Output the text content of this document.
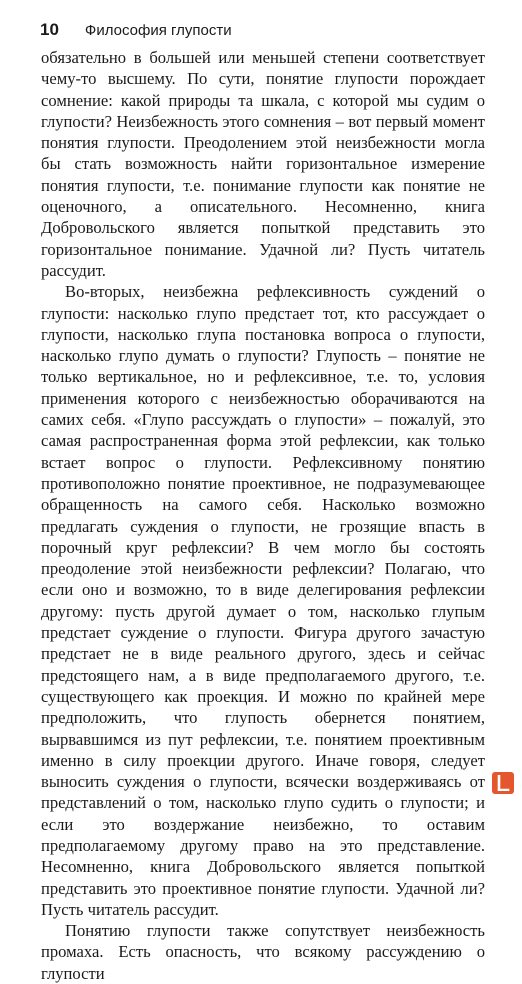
10 Философия глупости

обязательно в большей или меньшей степени соответствует чему-то высшему. По сути, понятие глупости порождает сомнение: какой природы та шкала, с которой мы судим о глупости? Неизбежность этого сомнения – вот первый момент понятия глупости. Преодолением этой неизбежности могла бы стать возможность найти горизонтальное измерение понятия глупости, т.е. понимание глупости как понятие не оценочного, а описательного. Несомненно, книга Добровольского является попыткой представить это горизонтальное понимание. Удачной ли? Пусть читатель рассудит.

Во-вторых, неизбежна рефлексивность суждений о глупости: насколько глупо предстает тот, кто рассуждает о глупости, насколько глупа постановка вопроса о глупости, насколько глупо думать о глупости? Глупость – понятие не только вертикальное, но и рефлексивное, т.е. то, условия применения которого с неизбежностью оборачиваются на самих себя. «Глупо рассуждать о глупости» – пожалуй, это самая распространенная форма этой рефлексии, как только встает вопрос о глупости. Рефлексивному понятию противоположно понятие проективное, не подразумевающее обращенность на самого себя. Насколько возможно предлагать суждения о глупости, не грозящие впасть в порочный круг рефлексии? В чем могло бы состоять преодоление этой неизбежности рефлексии? Полагаю, что если оно и возможно, то в виде делегирования рефлексии другому: пусть другой думает о том, насколько глупым предстает суждение о глупости. Фигура другого зачастую предстает не в виде реального другого, здесь и сейчас предстоящего нам, а в виде предполагаемого другого, т.е. существующего как проекция. И можно по крайней мере предположить, что глупость обернется понятием, вырвавшимся из пут рефлексии, т.е. понятием проективным именно в силу проекции другого. Иначе говоря, следует выносить суждения о глупости, всячески воздерживаясь от представлений о том, насколько глупо судить о глупости; и если это воздержание неизбежно, то оставим предполагаемому другому право на это представление. Несомненно, книга Добровольского является попыткой представить это проективное понятие глупости. Удачной ли? Пусть читатель рассудит.

Понятию глупости также сопутствует неизбежность промаха. Есть опасность, что всякому рассуждению о глупости
